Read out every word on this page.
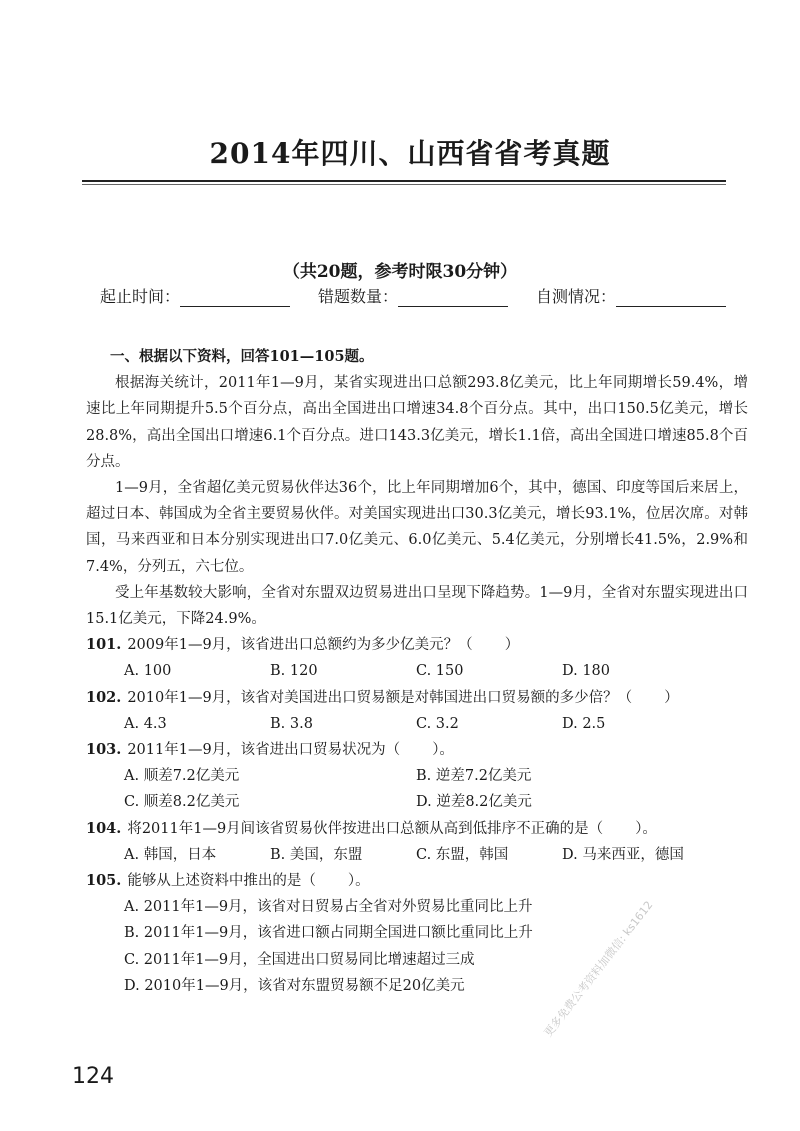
2014年四川、山西省省考真题
（共20题，参考时限30分钟）
起止时间：	错题数量：	自测情况：
一、根据以下资料，回答101—105题。
根据海关统计，2011年1—9月，某省实现进出口总额293.8亿美元，比上年同期增长59.4%，增速比上年同期提升5.5个百分点，高出全国进出口增速34.8个百分点。其中，出口150.5亿美元，增长28.8%，高出全国出口增速6.1个百分点。进口143.3亿美元，增长1.1倍，高出全国进口增速85.8个百分点。
1—9月，全省超亿美元贸易伙伴达36个，比上年同期增加6个，其中，德国、印度等国后来居上，超过日本、韩国成为全省主要贸易伙伴。对美国实现进出口30.3亿美元，增长93.1%，位居次席。对韩国，马来西亚和日本分别实现进出口7.0亿美元、6.0亿美元、5.4亿美元，分别增长41.5%，2.9%和7.4%，分列五，六七位。
受上年基数较大影响，全省对东盟双边贸易进出口呈现下降趋势。1—9月，全省对东盟实现进出口15.1亿美元，下降24.9%。
101. 2009年1—9月，该省进出口总额约为多少亿美元？（ ）
A. 100	B. 120	C. 150	D. 180
102. 2010年1—9月，该省对美国进出口贸易额是对韩国进出口贸易额的多少倍？（ ）
A. 4.3	B. 3.8	C. 3.2	D. 2.5
103. 2011年1—9月，该省进出口贸易状况为（ ）。
A. 顺差7.2亿美元	B. 逆差7.2亿美元
C. 顺差8.2亿美元	D. 逆差8.2亿美元
104. 将2011年1—9月间该省贸易伙伴按进出口总额从高到低排序不正确的是（ ）。
A. 韩国，日本	B. 美国，东盟	C. 东盟，韩国	D. 马来西亚，德国
105. 能够从上述资料中推出的是（ ）。
A. 2011年1—9月，该省对日贸易占全省对外贸易比重同比上升
B. 2011年1—9月，该省进口额占同期全国进口额比重同比上升
C. 2011年1—9月，全国进出口贸易同比增速超过三成
D. 2010年1—9月，该省对东盟贸易额不足20亿美元	更多免费公考资料加微信: ks1612
124
